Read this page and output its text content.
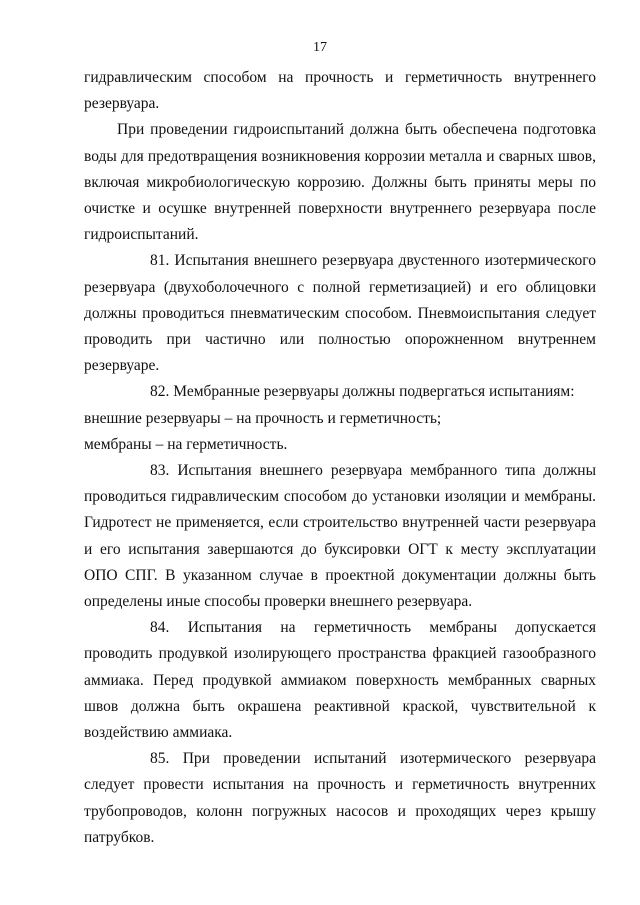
17

гидравлическим способом на прочность и герметичность внутреннего резервуара.

При проведении гидроиспытаний должна быть обеспечена подготовка воды для предотвращения возникновения коррозии металла и сварных швов, включая микробиологическую коррозию. Должны быть приняты меры по очистке и осушке внутренней поверхности внутреннего резервуара после гидроиспытаний.

81. Испытания внешнего резервуара двустенного изотермического резервуара (двухоболочечного с полной герметизацией) и его облицовки должны проводиться пневматическим способом. Пневмоиспытания следует проводить при частично или полностью опорожненном внутреннем резервуаре.

82. Мембранные резервуары должны подвергаться испытаниям:

внешние резервуары – на прочность и герметичность;

мембраны – на герметичность.

83. Испытания внешнего резервуара мембранного типа должны проводиться гидравлическим способом до установки изоляции и мембраны. Гидротест не применяется, если строительство внутренней части резервуара и его испытания завершаются до буксировки ОГТ к месту эксплуатации ОПО СПГ. В указанном случае в проектной документации должны быть определены иные способы проверки внешнего резервуара.

84. Испытания на герметичность мембраны допускается проводить продувкой изолирующего пространства фракцией газообразного аммиака. Перед продувкой аммиаком поверхность мембранных сварных швов должна быть окрашена реактивной краской, чувствительной к воздействию аммиака.

85. При проведении испытаний изотермического резервуара следует провести испытания на прочность и герметичность внутренних трубопроводов, колонн погружных насосов и проходящих через крышу патрубков.
